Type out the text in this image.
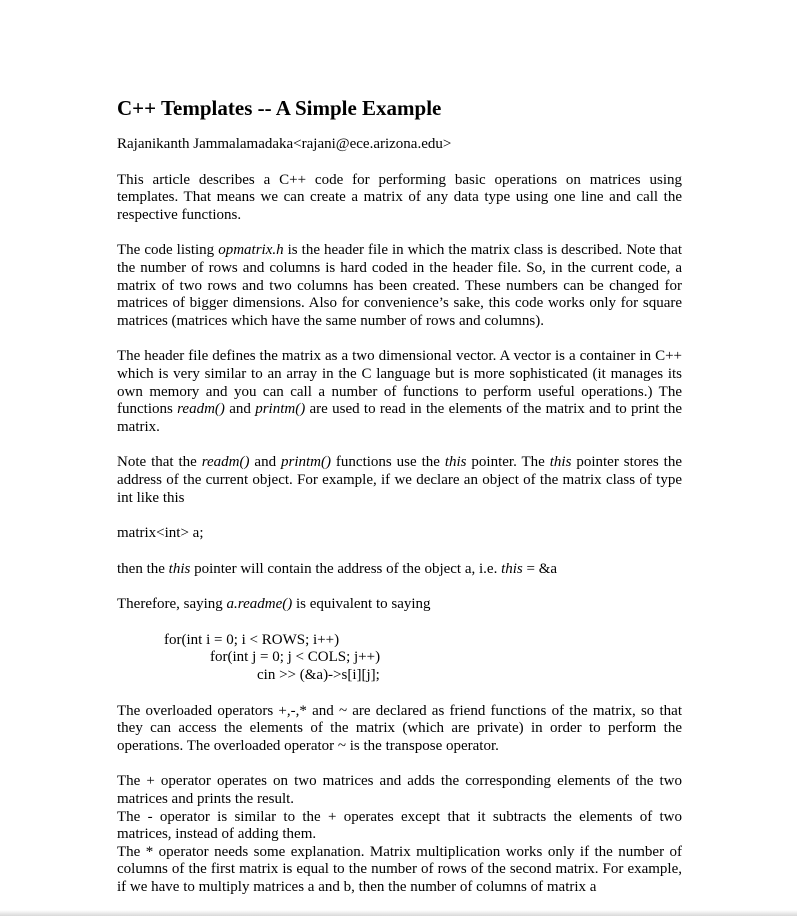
C++ Templates -- A Simple Example

Rajanikanth Jammalamadaka<rajani@ece.arizona.edu>

This article describes a C++ code for performing basic operations on matrices using templates. That means we can create a matrix of any data type using one line and call the respective functions.

The code listing opmatrix.h is the header file in which the matrix class is described. Note that the number of rows and columns is hard coded in the header file. So, in the current code, a matrix of two rows and two columns has been created. These numbers can be changed for matrices of bigger dimensions. Also for convenience’s sake, this code works only for square matrices (matrices which have the same number of rows and columns).

The header file defines the matrix as a two dimensional vector. A vector is a container in C++ which is very similar to an array in the C language but is more sophisticated (it manages its own memory and you can call a number of functions to perform useful operations.) The functions readm() and printm() are used to read in the elements of the matrix and to print the matrix.

Note that the readm() and printm() functions use the this pointer. The this pointer stores the address of the current object. For example, if we declare an object of the matrix class of type int like this

matrix<int> a;

then the this pointer will contain the address of the object a, i.e. this = &a

Therefore, saying a.readme() is equivalent to saying

for(int i = 0; i < ROWS; i++)
for(int j = 0; j < COLS; j++)
cin >> (&a)->s[i][j];

The overloaded operators +,-,* and ~ are declared as friend functions of the matrix, so that they can access the elements of the matrix (which are private) in order to perform the operations. The overloaded operator ~ is the transpose operator.

The + operator operates on two matrices and adds the corresponding elements of the two matrices and prints the result.

The - operator is similar to the + operates except that it subtracts the elements of two matrices, instead of adding them.

The * operator needs some explanation. Matrix multiplication works only if the number of columns of the first matrix is equal to the number of rows of the second matrix. For example, if we have to multiply matrices a and b, then the number of columns of matrix a
